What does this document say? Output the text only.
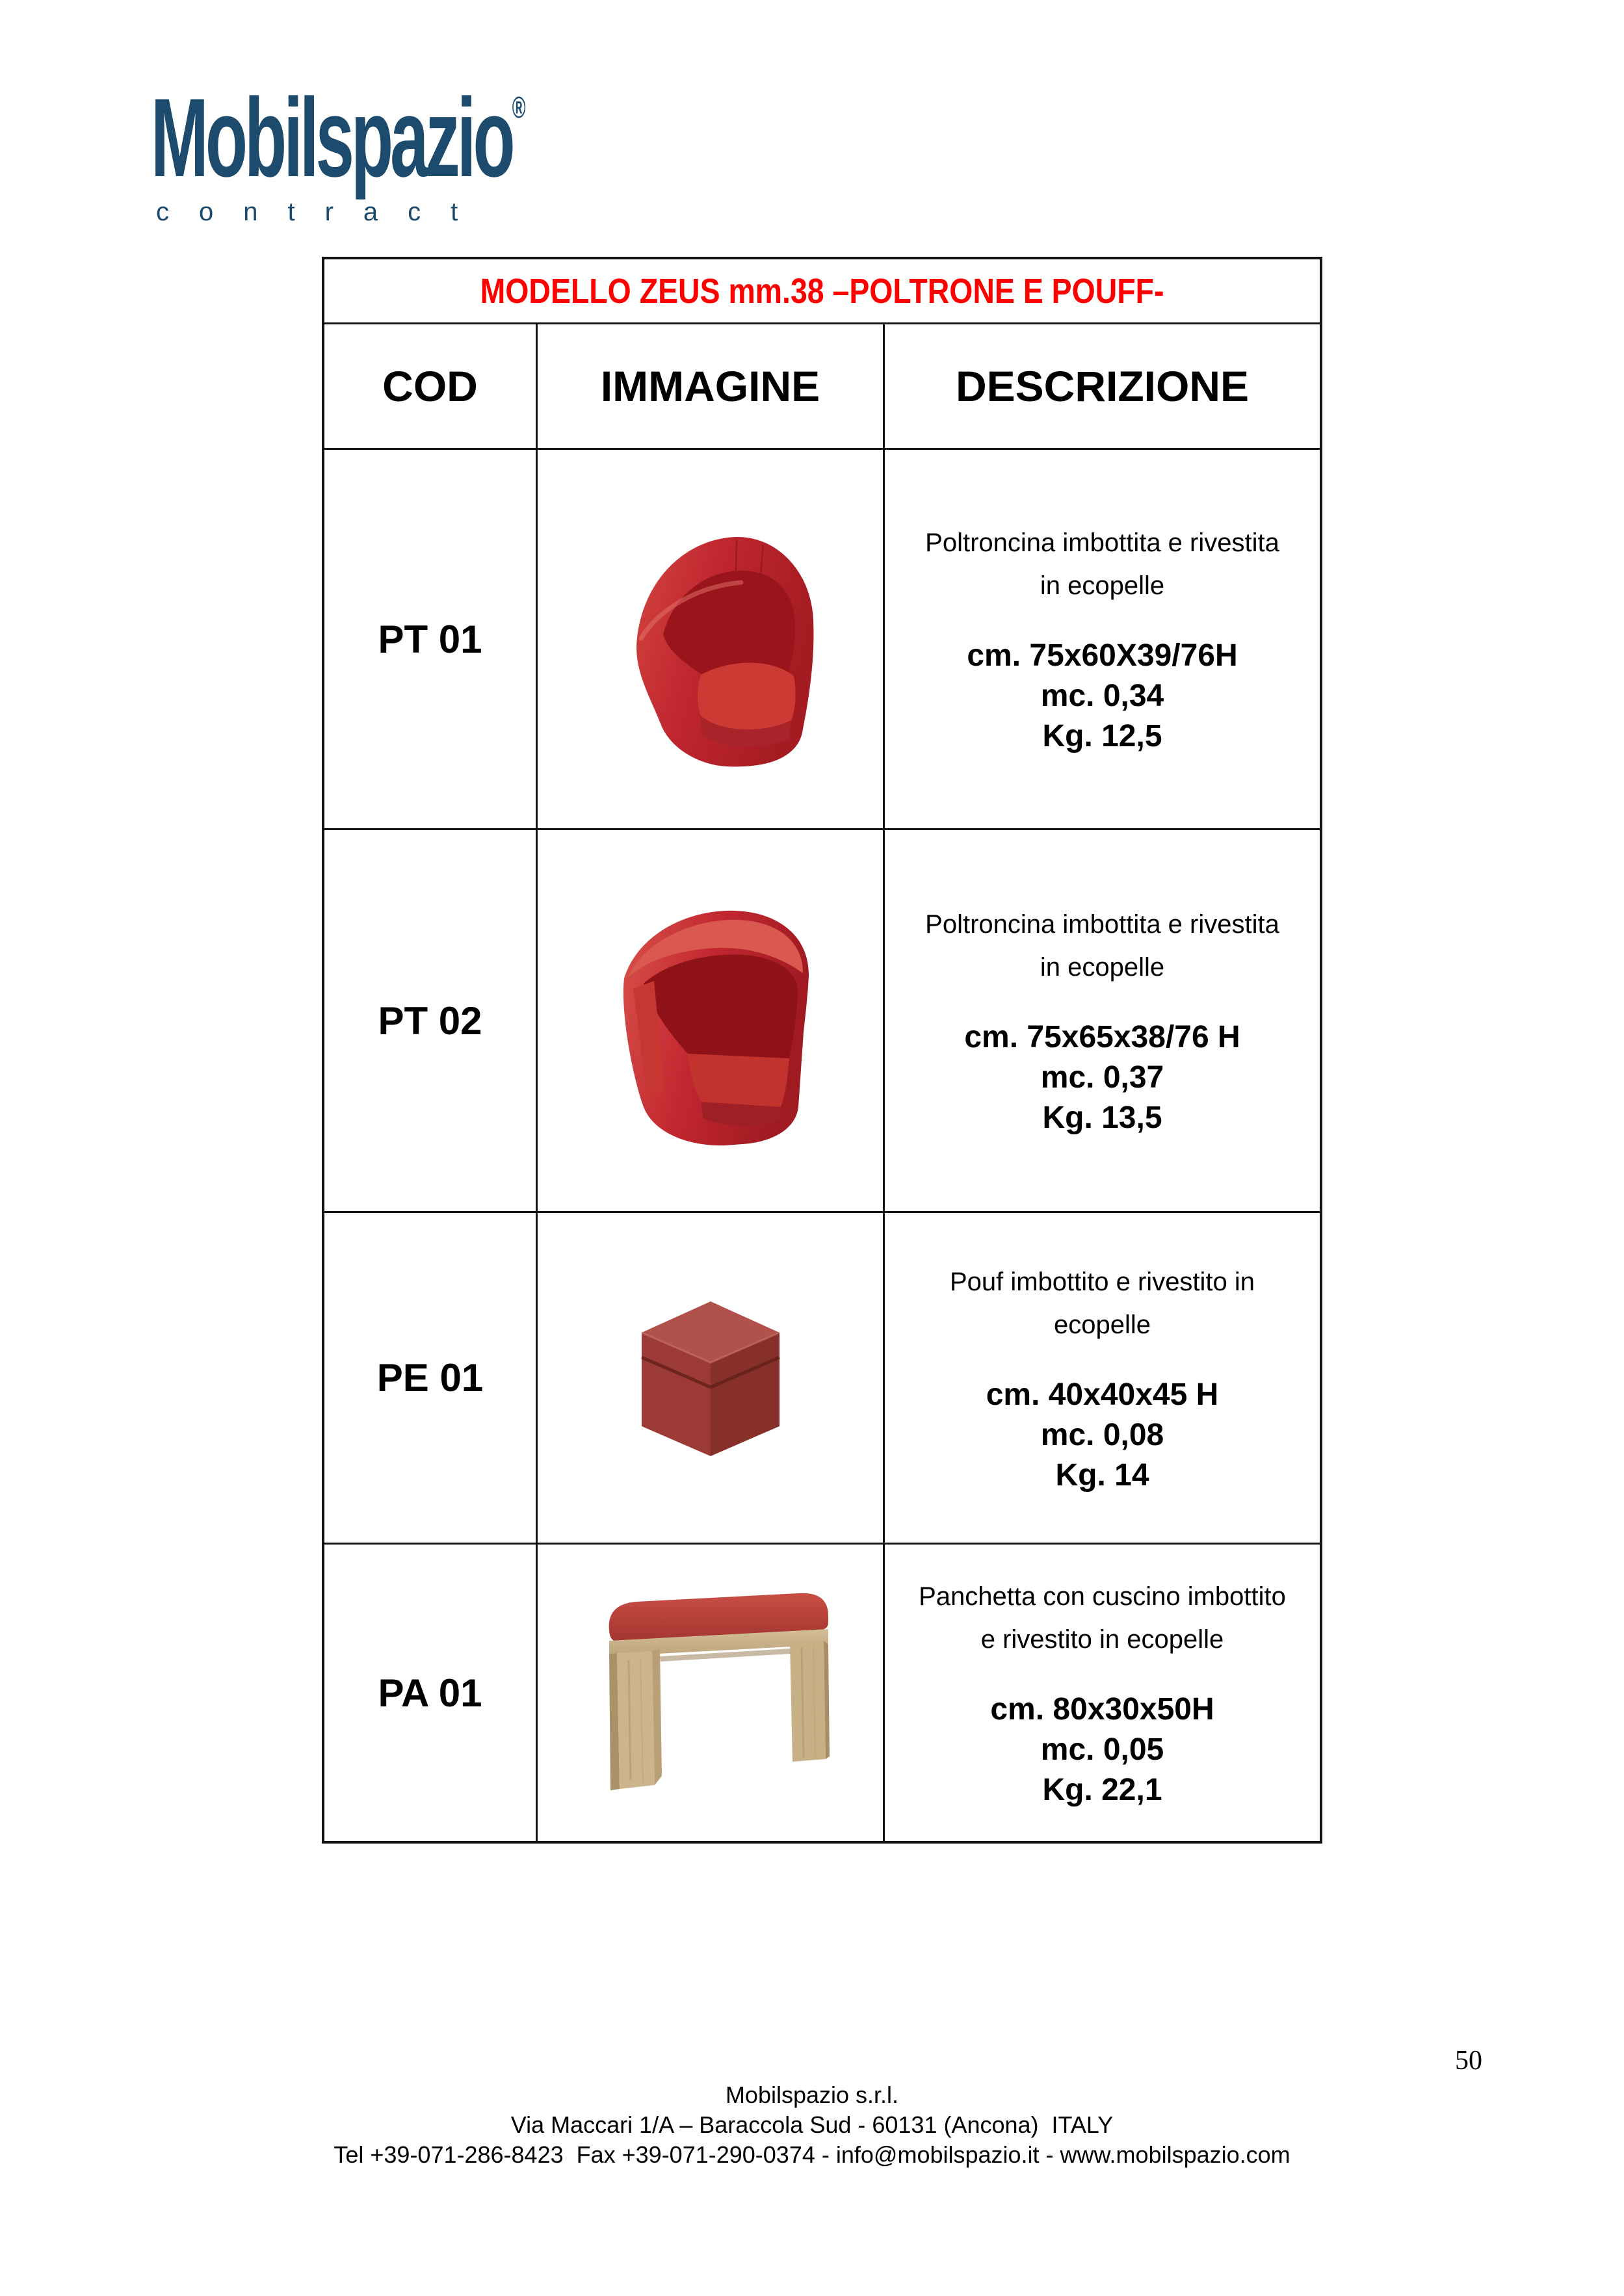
Mobilspazio®
contract
MODELLO ZEUS mm.38 –POLTRONE E POUFF-
COD	IMMAGINE	DESCRIZIONE
PT 01
Poltroncina imbottita e rivestita
in ecopelle
cm. 75x60X39/76H
mc. 0,34
Kg. 12,5
PT 02
Poltroncina imbottita e rivestita
in ecopelle
cm. 75x65x38/76 H
mc. 0,37
Kg. 13,5
PE 01
Pouf imbottito e rivestito in
ecopelle
cm. 40x40x45 H
mc. 0,08
Kg. 14
PA 01
Panchetta con cuscino imbottito
e rivestito in ecopelle
cm. 80x30x50H
mc. 0,05
Kg. 22,1
50
Mobilspazio s.r.l.
Via Maccari 1/A – Baraccola Sud - 60131 (Ancona)  ITALY
Tel +39-071-286-8423  Fax +39-071-290-0374 - info@mobilspazio.it - www.mobilspazio.com
